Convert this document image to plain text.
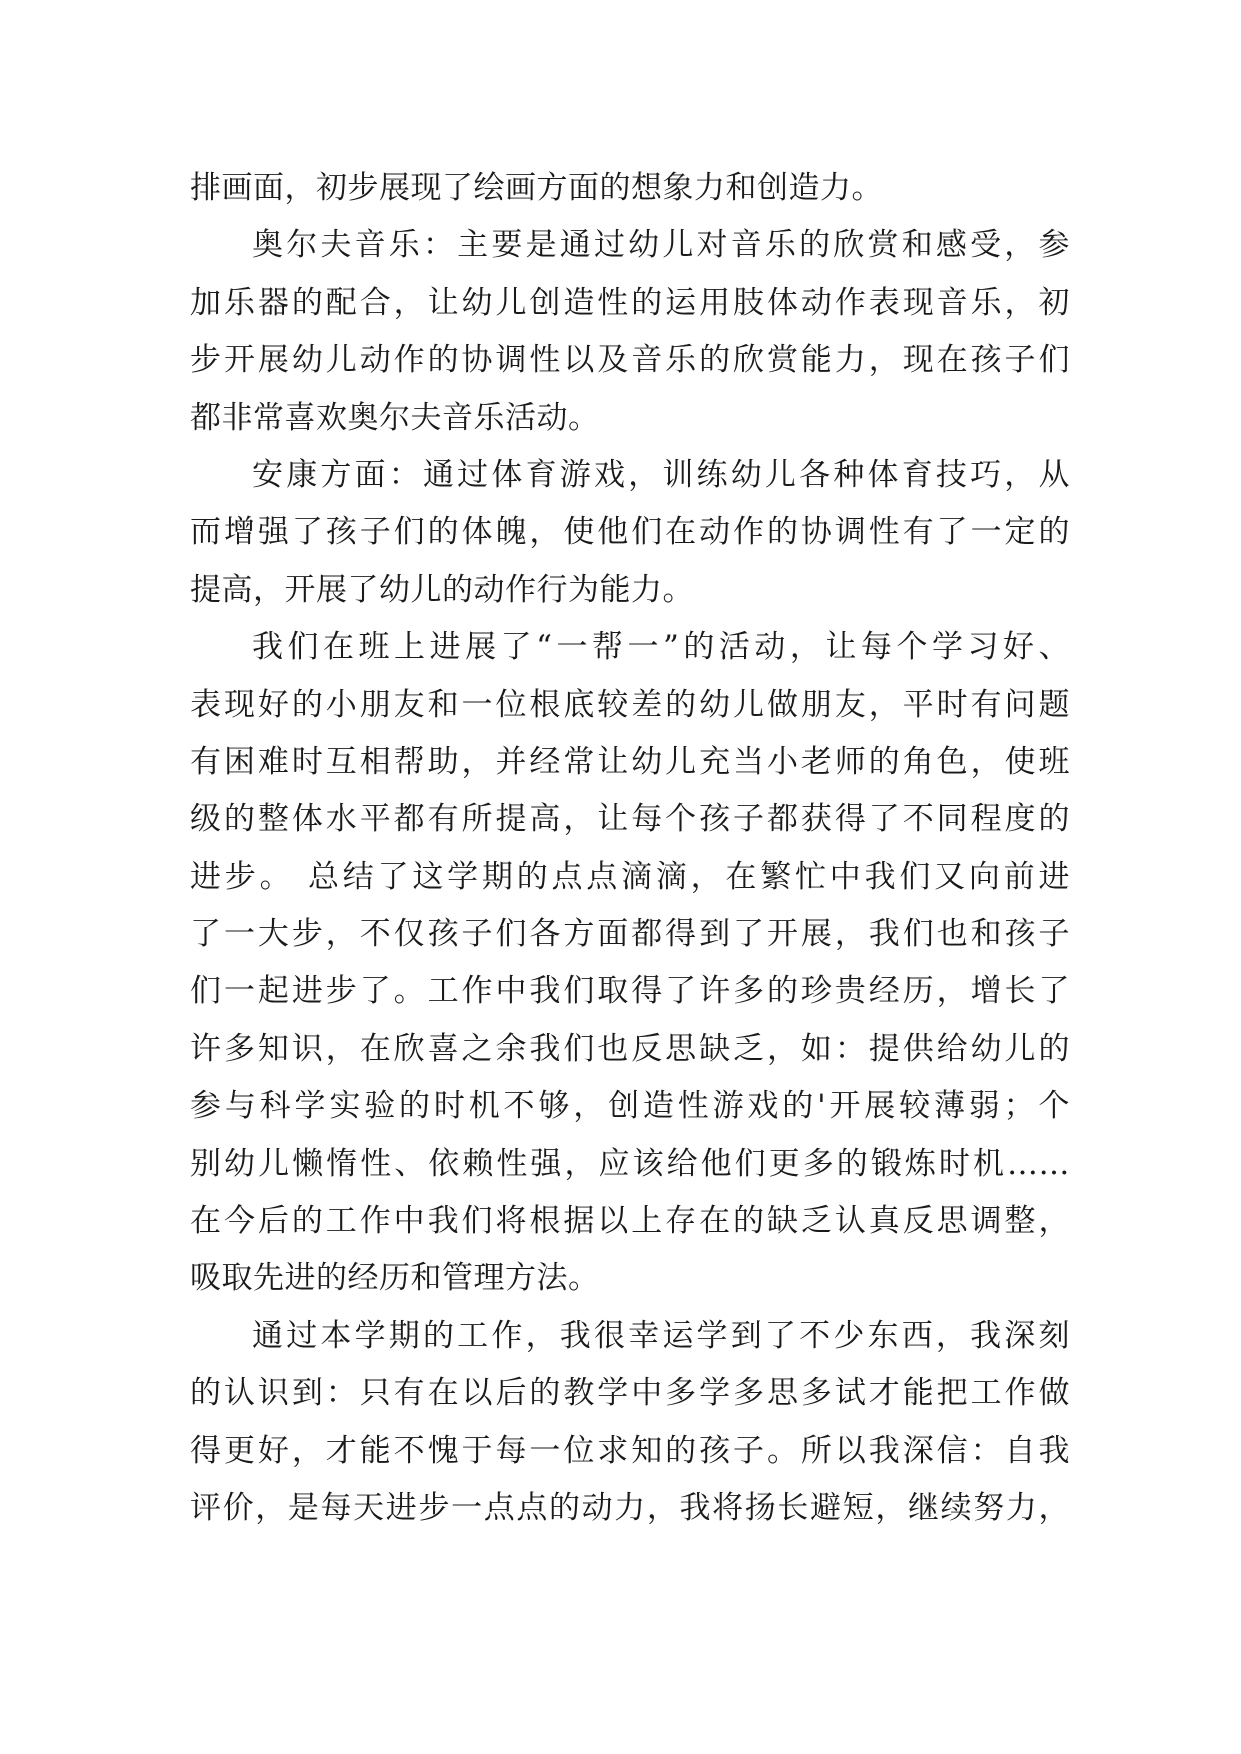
排画面，初步展现了绘画方面的想象力和创造力。
奥尔夫音乐：主要是通过幼儿对音乐的欣赏和感受，参
加乐器的配合，让幼儿创造性的运用肢体动作表现音乐，初
步开展幼儿动作的协调性以及音乐的欣赏能力，现在孩子们
都非常喜欢奥尔夫音乐活动。
安康方面：通过体育游戏，训练幼儿各种体育技巧，从
而增强了孩子们的体魄，使他们在动作的协调性有了一定的
提高，开展了幼儿的动作行为能力。
我们在班上进展了“一帮一”的活动，让每个学习好、
表现好的小朋友和一位根底较差的幼儿做朋友，平时有问题
有困难时互相帮助，并经常让幼儿充当小老师的角色，使班
级的整体水平都有所提高，让每个孩子都获得了不同程度的
进步。 总结了这学期的点点滴滴，在繁忙中我们又向前进
了一大步，不仅孩子们各方面都得到了开展，我们也和孩子
们一起进步了。工作中我们取得了许多的珍贵经历，增长了
许多知识，在欣喜之余我们也反思缺乏，如：提供给幼儿的
参与科学实验的时机不够，创造性游戏的'开展较薄弱；个
别幼儿懒惰性、依赖性强，应该给他们更多的锻炼时机……
在今后的工作中我们将根据以上存在的缺乏认真反思调整，
吸取先进的经历和管理方法。
通过本学期的工作，我很幸运学到了不少东西，我深刻
的认识到：只有在以后的教学中多学多思多试才能把工作做
得更好，才能不愧于每一位求知的孩子。所以我深信：自我
评价，是每天进步一点点的动力，我将扬长避短，继续努力，
